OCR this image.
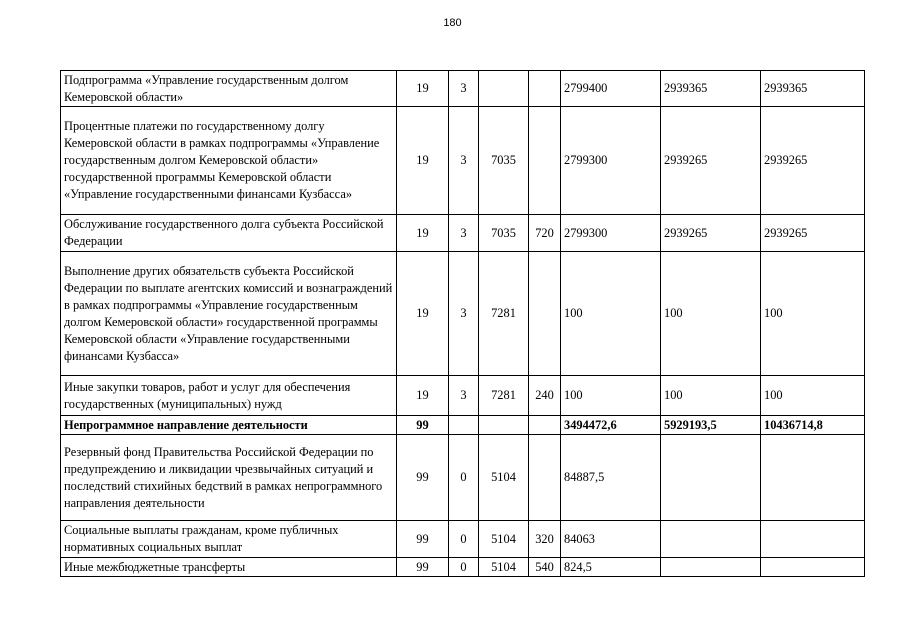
180
Подпрограмма «Управление государственным долгом Кемеровской области»	19	3			2799400	2939365	2939365
Процентные платежи по государственному долгу Кемеровской области в рамках подпрограммы «Управление государственным долгом Кемеровской области» государственной программы Кемеровской области «Управление государственными финансами Кузбасса»	19	3	7035		2799300	2939265	2939265
Обслуживание государственного долга субъекта Российской Федерации	19	3	7035	720	2799300	2939265	2939265
Выполнение других обязательств субъекта Российской Федерации по выплате агентских комиссий и вознаграждений в рамках подпрограммы «Управление государственным долгом Кемеровской области» государственной программы Кемеровской области «Управление государственными финансами Кузбасса»	19	3	7281		100	100	100
Иные закупки товаров, работ и услуг для обеспечения государственных (муниципальных) нужд	19	3	7281	240	100	100	100
Непрограммное направление деятельности	99				3494472,6	5929193,5	10436714,8
Резервный фонд Правительства Российской Федерации по предупреждению и ликвидации чрезвычайных ситуаций и последствий стихийных бедствий в рамках непрограммного направления деятельности	99	0	5104		84887,5		
Социальные выплаты гражданам, кроме публичных нормативных социальных выплат	99	0	5104	320	84063		
Иные межбюджетные трансферты	99	0	5104	540	824,5		
